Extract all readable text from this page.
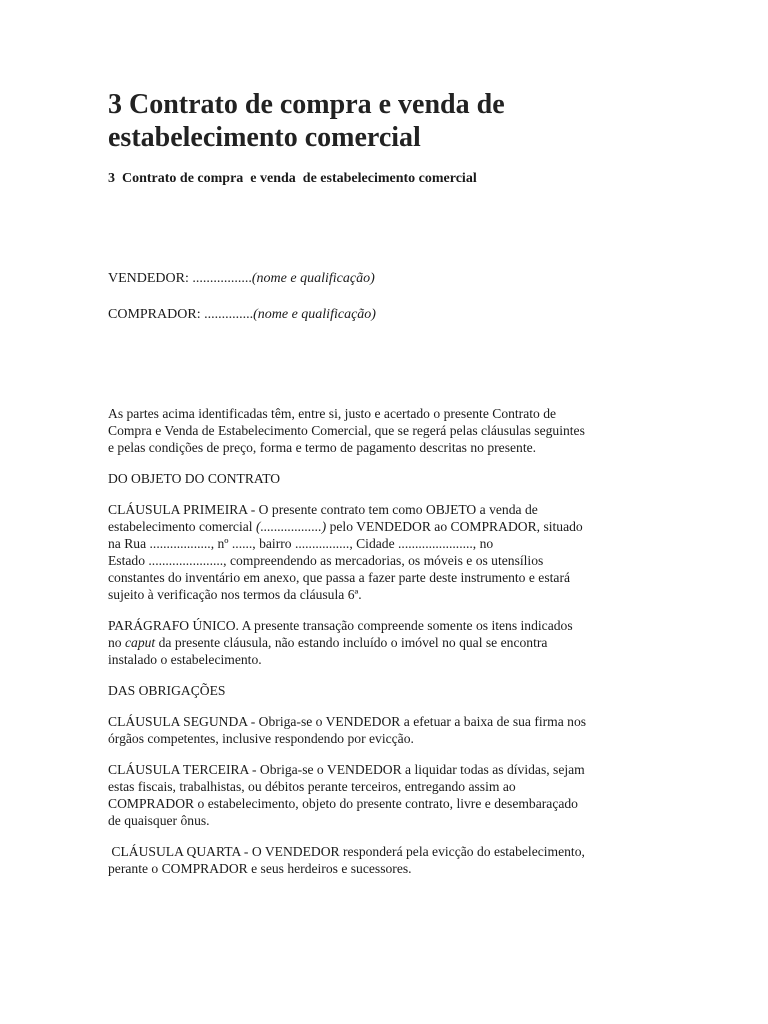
3 Contrato de compra e venda de
estabelecimento comercial
3  Contrato de compra  e venda  de estabelecimento comercial
VENDEDOR: .................(nome e qualificação)
COMPRADOR: ..............(nome e qualificação)

As partes acima identificadas têm, entre si, justo e acertado o presente Contrato de
Compra e Venda de Estabelecimento Comercial, que se regerá pelas cláusulas seguintes
e pelas condições de preço, forma e termo de pagamento descritas no presente.

DO OBJETO DO CONTRATO

CLÁUSULA PRIMEIRA - O presente contrato tem como OBJETO a venda de
estabelecimento comercial (..................) pelo VENDEDOR ao COMPRADOR, situado
na Rua .................., nº ......, bairro ................, Cidade ......................, no
Estado ......................, compreendendo as mercadorias, os móveis e os utensílios
constantes do inventário em anexo, que passa a fazer parte deste instrumento e estará
sujeito à verificação nos termos da cláusula 6ª.

PARÁGRAFO ÚNICO. A presente transação compreende somente os itens indicados
no caput da presente cláusula, não estando incluído o imóvel no qual se encontra
instalado o estabelecimento.

DAS OBRIGAÇÕES

CLÁUSULA SEGUNDA - Obriga-se o VENDEDOR a efetuar a baixa de sua firma nos
órgãos competentes, inclusive respondendo por evicção.

CLÁUSULA TERCEIRA - Obriga-se o VENDEDOR a liquidar todas as dívidas, sejam
estas fiscais, trabalhistas, ou débitos perante terceiros, entregando assim ao
COMPRADOR o estabelecimento, objeto do presente contrato, livre e desembaraçado
de quaisquer ônus.

CLÁUSULA QUARTA - O VENDEDOR responderá pela evicção do estabelecimento,
perante o COMPRADOR e seus herdeiros e sucessores.
